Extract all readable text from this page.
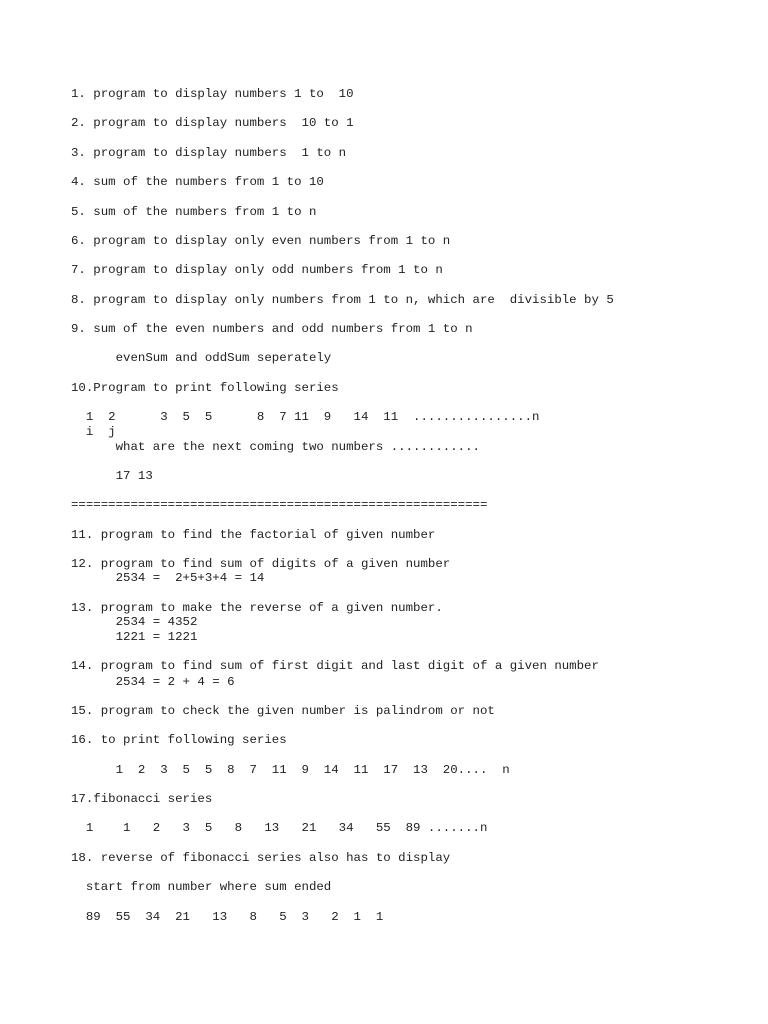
1. program to display numbers 1 to  10

2. program to display numbers  10 to 1

3. program to display numbers  1 to n

4. sum of the numbers from 1 to 10

5. sum of the numbers from 1 to n

6. program to display only even numbers from 1 to n

7. program to display only odd numbers from 1 to n

8. program to display only numbers from 1 to n, which are  divisible by 5

9. sum of the even numbers and odd numbers from 1 to n

evenSum and oddSum seperately

10.Program to print following series

1  2      3  5  5      8  7 11  9   14  11  ................n

i  j

what are the next coming two numbers ............

17 13

========================================================

11. program to find the factorial of given number

12. program to find sum of digits of a given number

2534 =  2+5+3+4 = 14

13. program to make the reverse of a given number.

2534 = 4352

1221 = 1221

14. program to find sum of first digit and last digit of a given number

2534 = 2 + 4 = 6

15. program to check the given number is palindrom or not

16. to print following series

1  2  3  5  5  8  7  11  9  14  11  17  13  20....  n

17.fibonacci series

1    1   2   3  5   8   13   21   34   55  89 .......n

18. reverse of fibonacci series also has to display

start from number where sum ended

89  55  34  21   13   8   5  3   2  1  1
